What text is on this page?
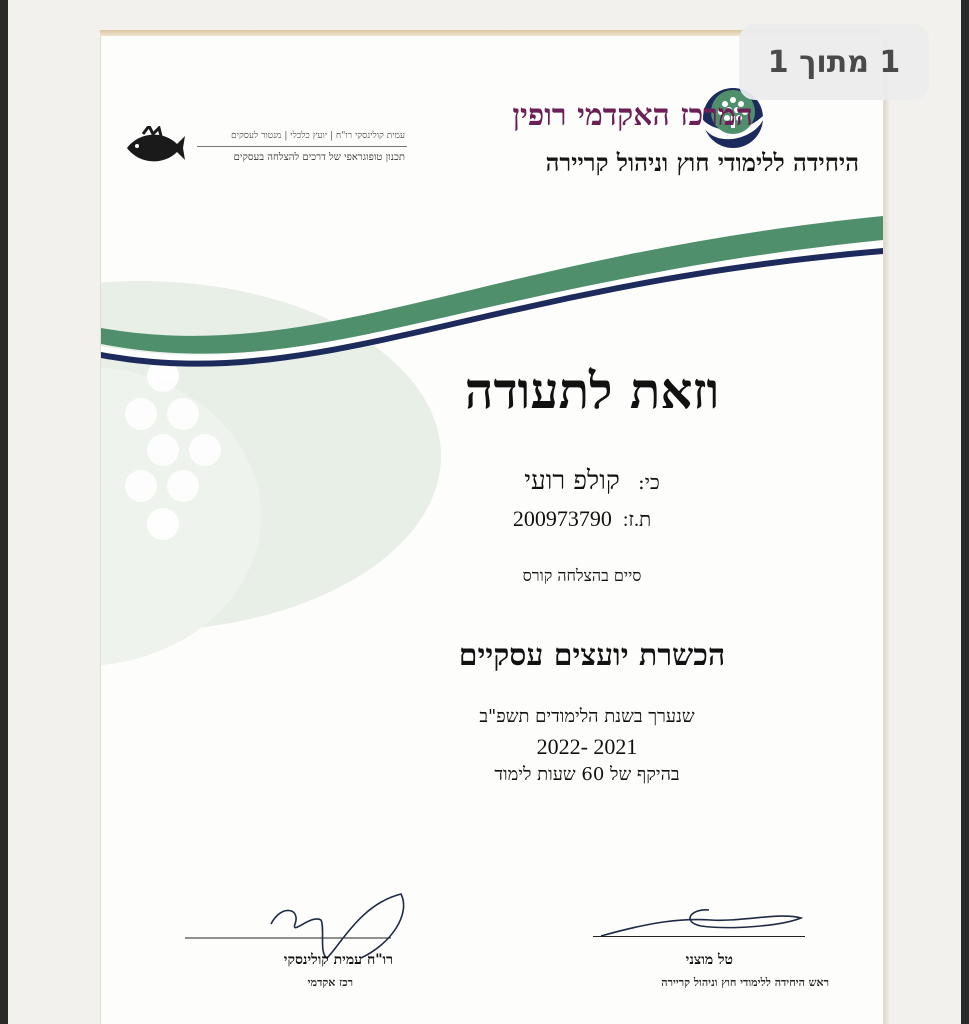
המרכז האקדמי רופין
היחידה ללימודי חוץ וניהול קריירה
עמית קולינסקי רו"ח | יועץ כלכלי | מנטור לעסקים
תכנון טופוגראפי של דרכים להצלחה בעסקים
וזאת לתעודה
כי: קולפ רועי
ת.ז: 200973790
סיים בהצלחה קורס
הכשרת יועצים עסקיים
שנערך בשנת הלימודים תשפ"ב
2021 -2022
בהיקף של 60 שעות לימוד
טל מוצני
ראש היחידה ללימודי חוץ וניהול קריירה
רו"ח עמית קולינסקי
רכז אקדמי
1 מתוך 1
